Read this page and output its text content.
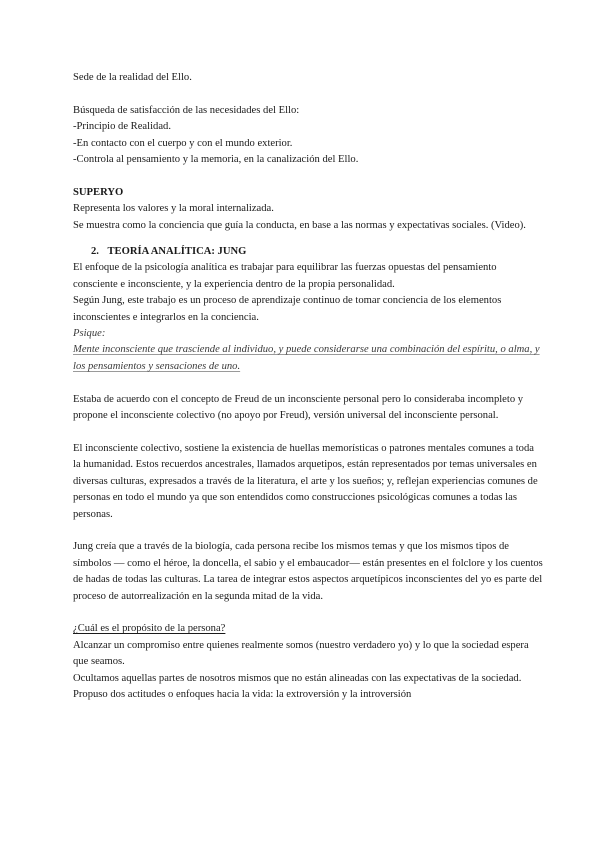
Sede de la realidad del Ello.

Búsqueda de satisfacción de las necesidades del Ello:

-Principio de Realidad.

-En contacto con el cuerpo y con el mundo exterior.

-Controla al pensamiento y la memoria, en la canalización del Ello.

SUPERYO

Representa los valores y la moral internalizada.

Se muestra como la conciencia que guía la conducta, en base a las normas y expectativas sociales. (Video).

2. TEORÍA ANALÍTICA: JUNG

El enfoque de la psicología analítica es trabajar para equilibrar las fuerzas opuestas del pensamiento consciente e inconsciente, y la experiencia dentro de la propia personalidad.

Según Jung, este trabajo es un proceso de aprendizaje continuo de tomar conciencia de los elementos inconscientes e integrarlos en la conciencia.

Psique:

Mente inconsciente que trasciende al individuo, y puede considerarse una combinación del espíritu, o alma, y los pensamientos y sensaciones de uno.

Estaba de acuerdo con el concepto de Freud de un inconsciente personal pero lo consideraba incompleto y propone el inconsciente colectivo (no apoyo por Freud), versión universal del inconsciente personal.

El inconsciente colectivo, sostiene la existencia de huellas memorísticas o patrones mentales comunes a toda la humanidad. Estos recuerdos ancestrales, llamados arquetipos, están representados por temas universales en diversas culturas, expresados a través de la literatura, el arte y los sueños; y, reflejan experiencias comunes de personas en todo el mundo ya que son entendidos como construcciones psicológicas comunes a todas las personas.

Jung creía que a través de la biología, cada persona recibe los mismos temas y que los mismos tipos de símbolos — como el héroe, la doncella, el sabio y el embaucador— están presentes en el folclore y los cuentos de hadas de todas las culturas. La tarea de integrar estos aspectos arquetípicos inconscientes del yo es parte del proceso de autorrealización en la segunda mitad de la vida.

¿Cuál es el propósito de la persona?

Alcanzar un compromiso entre quienes realmente somos (nuestro verdadero yo) y lo que la sociedad espera que seamos.

Ocultamos aquellas partes de nosotros mismos que no están alineadas con las expectativas de la sociedad.

Propuso dos actitudes o enfoques hacia la vida: la extroversión y la introversión
